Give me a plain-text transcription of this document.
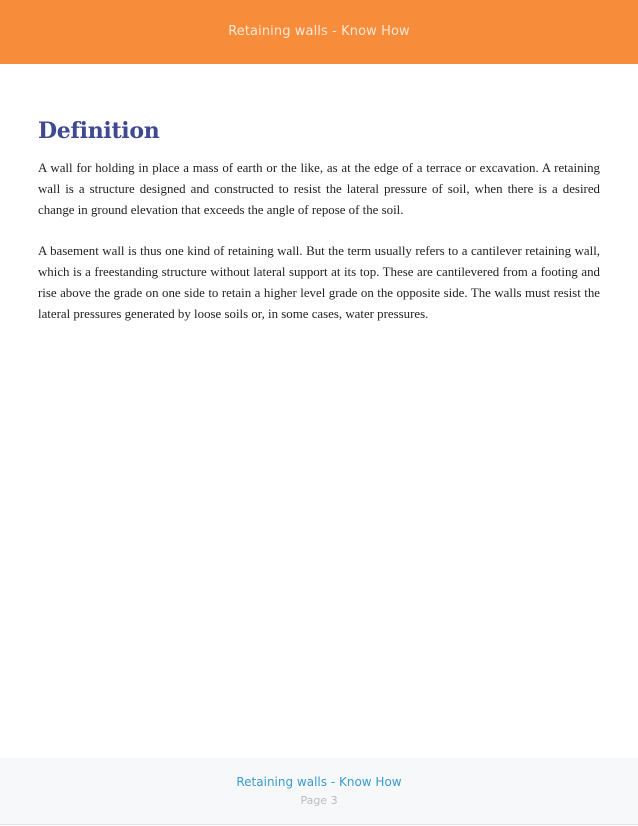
Retaining walls - Know How
Definition

A wall for holding in place a mass of earth or the like, as at the edge of a terrace or excavation. A retaining wall is a structure designed and constructed to resist the lateral pressure of soil, when there is a desired change in ground elevation that exceeds the angle of repose of the soil.

A basement wall is thus one kind of retaining wall. But the term usually refers to a cantilever retaining wall, which is a freestanding structure without lateral support at its top. These are cantilevered from a footing and rise above the grade on one side to retain a higher level grade on the opposite side. The walls must resist the lateral pressures generated by loose soils or, in some cases, water pressures.

Retaining walls - Know How
Page 3
